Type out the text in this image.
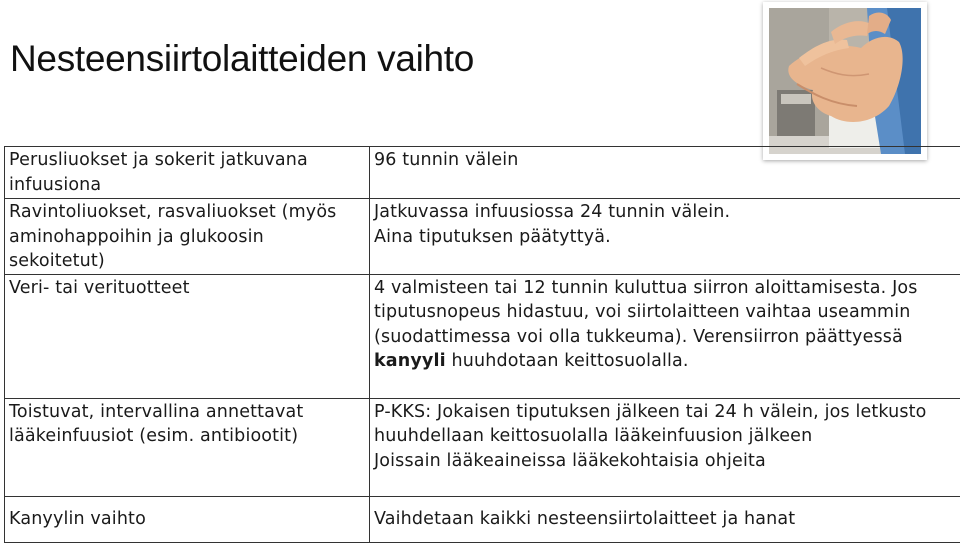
Nesteensiirtolaitteiden vaihto
Perusliuokset ja sokerit jatkuvana infuusiona	96 tunnin välein

Ravintoliuokset, rasvaliuokset (myös aminohappoihin ja glukoosin sekoitetut)	Jatkuvassa infuusiossa 24 tunnin välein.
Aina tiputuksen päätyttyä.

Veri- tai verituotteet	4 valmisteen tai 12 tunnin kuluttua siirron aloittamisesta. Jos tiputusnopeus hidastuu, voi siirtolaitteen vaihtaa useammin (suodattimessa voi olla tukkeuma). Verensiirron päättyessä kanyyli huuhdotaan keittosuolalla.
Toistuvat, intervallina annettavat lääkeinfuusiot (esim. antibiootit)	P-KKS: Jokaisen tiputuksen jälkeen tai 24 h välein, jos letkusto huuhdellaan keittosuolalla lääkeinfuusion jälkeen
Joissain lääkeaineissa lääkekohtaisia ohjeita

Kanyylin vaihto	Vaihdetaan kaikki nesteensiirtolaitteet ja hanat
